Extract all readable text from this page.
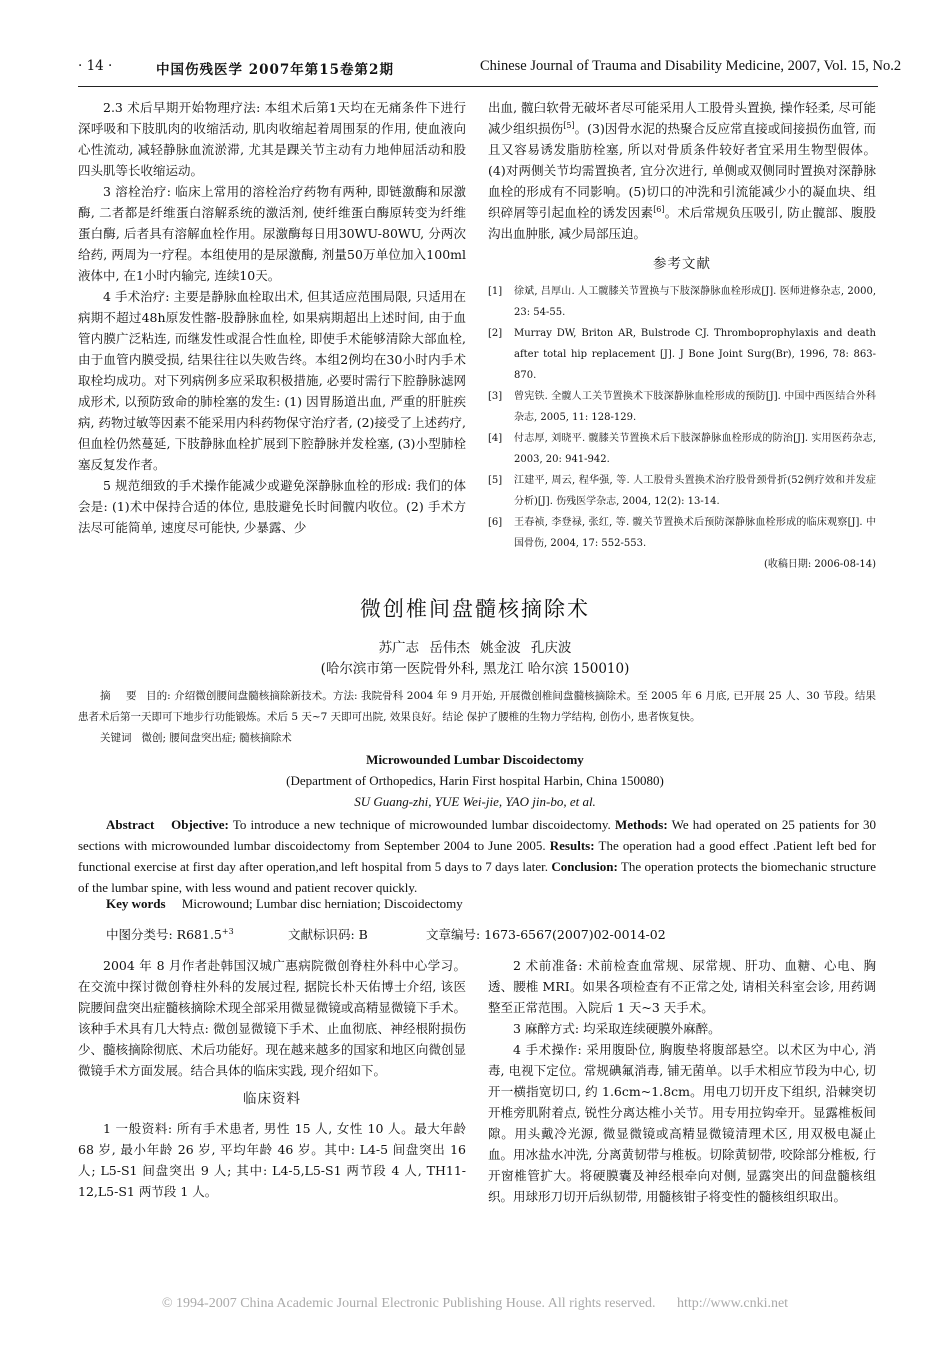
· 14 ·	中国伤残医学 2007年第15卷第2期	Chinese Journal of Trauma and Disability Medicine, 2007, Vol. 15, No.2

2.3 术后早期开始物理疗法: 本组术后第1天均在无痛条件下进行深呼吸和下肢肌肉的收缩活动, 肌肉收缩起着周围泵的作用, 使血液向心性流动, 减轻静脉血流淤滞, 尤其是踝关节主动有力地伸屈活动和股四头肌等长收缩运动。

3 溶栓治疗: 临床上常用的溶栓治疗药物有两种, 即链激酶和尿激酶, 二者都是纤维蛋白溶解系统的激活剂, 使纤维蛋白酶原转变为纤维蛋白酶, 后者具有溶解血栓作用。尿激酶每日用30WU-80WU, 分两次给药, 两周为一疗程。本组使用的是尿激酶, 剂量50万单位加入100ml液体中, 在1小时内输完, 连续10天。

4 手术治疗: 主要是静脉血栓取出术, 但其适应范围局限, 只适用在病期不超过48h原发性髂-股静脉血栓, 如果病期超出上述时间, 由于血管内膜广泛粘连, 而继发性或混合性血栓, 即使手术能够清除大部血栓, 由于血管内膜受损, 结果往往以失败告终。本组2例均在30小时内手术取栓均成功。对下列病例多应采取积极措施, 必要时需行下腔静脉滤网成形术, 以预防致命的肺栓塞的发生: (1) 因胃肠道出血, 严重的肝脏疾病, 药物过敏等因素不能采用内科药物保守治疗者, (2)接受了上述药疗, 但血栓仍然蔓延, 下肢静脉血栓扩展到下腔静脉并发栓塞, (3)小型肺栓塞反复发作者。

5 规范细致的手术操作能减少或避免深静脉血栓的形成: 我们的体会是: (1)术中保持合适的体位, 患肢避免长时间髋内收位。(2) 手术方法尽可能简单, 速度尽可能快, 少暴露、少

出血, 髋臼软骨无破坏者尽可能采用人工股骨头置换, 操作轻柔, 尽可能减少组织损伤[5]。(3)因骨水泥的热聚合反应常直接或间接损伤血管, 而且又容易诱发脂肪栓塞, 所以对骨质条件较好者宜采用生物型假体。(4)对两侧关节均需置换者, 宜分次进行, 单侧或双侧同时置换对深静脉血栓的形成有不同影响。(5)切口的冲洗和引流能减少小的凝血块、组织碎屑等引起血栓的诱发因素[6]。术后常规负压吸引, 防止髋部、腹股沟出血肿胀, 减少局部压迫。

参考文献
[1]	徐斌, 吕厚山. 人工髋膝关节置换与下肢深静脉血栓形成[J]. 医师进修杂志, 2000, 23: 54-55.
[2]	Murray DW, Briton AR, Bulstrode CJ. Thromboprophylaxis and death after total hip replacement [J]. J Bone Joint Surg(Br), 1996, 78: 863-870.
[3]	曾宪铁. 全髋人工关节置换术下肢深静脉血栓形成的预防[J]. 中国中西医结合外科杂志, 2005, 11: 128-129.
[4]	付志厚, 刘晓平. 髋膝关节置换术后下肢深静脉血栓形成的防治[J]. 实用医药杂志, 2003, 20: 941-942.
[5]	江建平, 周云, 程华强, 等. 人工股骨头置换术治疗股骨颈骨折(52例疗效和并发症分析)[J]. 伤残医学杂志, 2004, 12(2): 13-14.
[6]	王春祯, 李登禄, 张红, 等. 髋关节置换术后预防深静脉血栓形成的临床观察[J]. 中国骨伤, 2004, 17: 552-553.
(收稿日期: 2006-08-14)
微创椎间盘髓核摘除术
苏广志 岳伟杰 姚金波 孔庆波
(哈尔滨市第一医院骨外科, 黑龙江 哈尔滨 150010)
摘 要 目的: 介绍微创腰间盘髓核摘除新技术。方法: 我院骨科 2004 年 9 月开始, 开展微创椎间盘髓核摘除术。至 2005 年 6 月底, 已开展 25 人、30 节段。结果 患者术后第一天即可下地步行功能锻炼。术后 5 天~7 天即可出院, 效果良好。结论 保护了腰椎的生物力学结构, 创伤小, 患者恢复快。
关键词 微创; 腰间盘突出症; 髓核摘除术
Microwounded Lumbar Discoidectomy
(Department of Orthopedics, Harin First hospital Harbin, China 150080)
SU Guang-zhi, YUE Wei-jie, YAO jin-bo, et al.
Abstract Objective: To introduce a new technique of microwounded lumbar discoidectomy. Methods: We had operated on 25 patients for 30 sections with microwounded lumbar discoidectomy from September 2004 to June 2005. Results: The operation had a good effect .Patient left bed for functional exercise at first day after operation,and left hospital from 5 days to 7 days later. Conclusion: The operation protects the biomechanic structure of the lumbar spine, with less wound and patient recover quickly.
Key words Microwound; Lumbar disc herniation; Discoidectomy
中图分类号: $R681.5^{+3}$	文献标识码: B	文章编号: 1673-6567(2007)02-0014-02

2004 年 8 月作者赴韩国汉城广惠病院微创脊柱外科中心学习。在交流中探讨微创脊柱外科的发展过程, 据院长朴天佑博士介绍, 该医院腰间盘突出症髓核摘除术现全部采用微显微镜或高精显微镜下手术。该种手术具有几大特点: 微创显微镜下手术、止血彻底、神经根附损伤少、髓核摘除彻底、术后功能好。现在越来越多的国家和地区向微创显微镜手术方面发展。结合具体的临床实践, 现介绍如下。

临床资料

1 一般资料: 所有手术患者, 男性 15 人, 女性 10 人。最大年龄 68 岁, 最小年龄 26 岁, 平均年龄 46 岁。其中: L4-5 间盘突出 16 人; L5-S1 间盘突出 9 人; 其中: L4-5,L5-S1 两节段 4 人, TH11-12,L5-S1 两节段 1 人。

2 术前准备: 术前检查血常规、尿常规、肝功、血糖、心电、胸透、腰椎 MRI。如果各项检查有不正常之处, 请相关科室会诊, 用药调整至正常范围。入院后 1 天~3 天手术。

3 麻醉方式: 均采取连续硬膜外麻醉。

4 手术操作: 采用腹卧位, 胸腹垫将腹部悬空。以术区为中心, 消毒, 电视下定位。常规碘氟消毒, 铺无菌单。以手术相应节段为中心, 切开一横指宽切口, 约 1.6cm~1.8cm。用电刀切开皮下组织, 沿棘突切开椎旁肌附着点, 锐性分离达椎小关节。用专用拉钩牵开。显露椎板间隙。用头戴冷光源, 微显微镜或高精显微镜清理术区, 用双极电凝止血。用冰盐水冲洗, 分离黄韧带与椎板。切除黄韧带, 咬除部分椎板, 行开窗椎管扩大。将硬膜囊及神经根牵向对侧, 显露突出的间盘髓核组织。用球形刀切开后纵韧带, 用髓核钳子将变性的髓核组织取出。

© 1994-2007 China Academic Journal Electronic Publishing House. All rights reserved. http://www.cnki.net
